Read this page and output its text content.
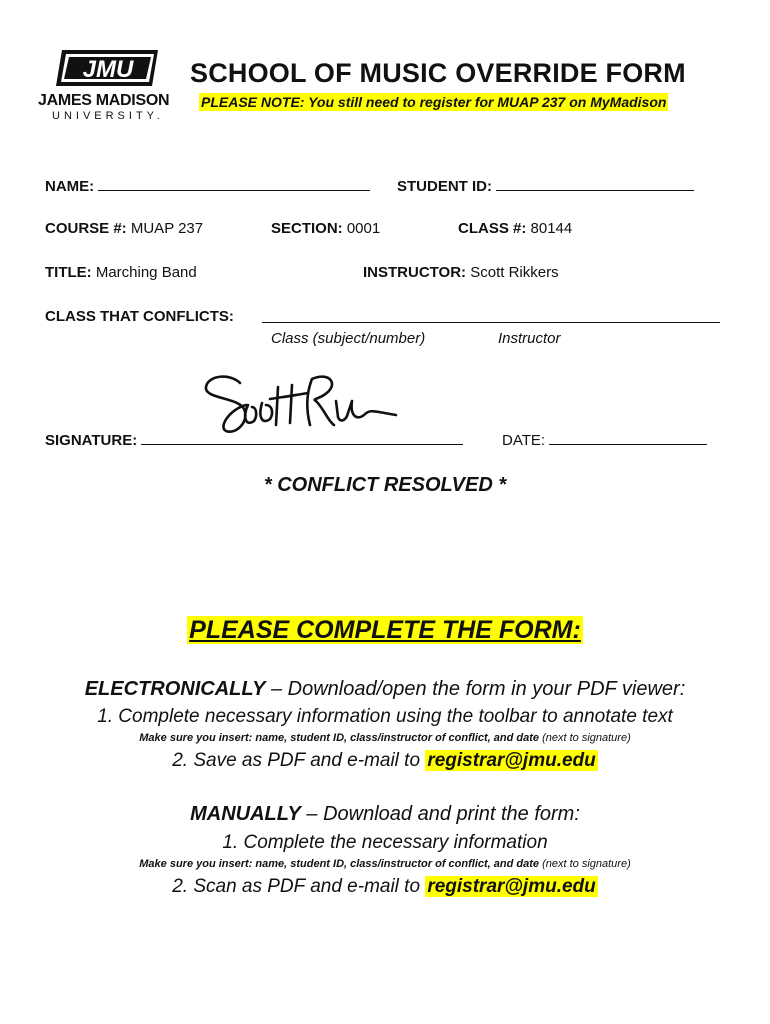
JMU
JAMES MADISON
UNIVERSITY.
SCHOOL OF MUSIC OVERRIDE FORM
PLEASE NOTE: You still need to register for MUAP 237 on MyMadison
NAME:	STUDENT ID:
COURSE #: MUAP 237	SECTION: 0001	CLASS #: 80144
TITLE: Marching Band	INSTRUCTOR: Scott Rikkers
CLASS THAT CONFLICTS:
Class (subject/number)	Instructor
SIGNATURE:	DATE:
* CONFLICT RESOLVED *
PLEASE COMPLETE THE FORM:
ELECTRONICALLY – Download/open the form in your PDF viewer:
1. Complete necessary information using the toolbar to annotate text
Make sure you insert: name, student ID, class/instructor of conflict, and date (next to signature)
2. Save as PDF and e-mail to registrar@jmu.edu
MANUALLY – Download and print the form:
1. Complete the necessary information
Make sure you insert: name, student ID, class/instructor of conflict, and date (next to signature)
2. Scan as PDF and e-mail to registrar@jmu.edu
